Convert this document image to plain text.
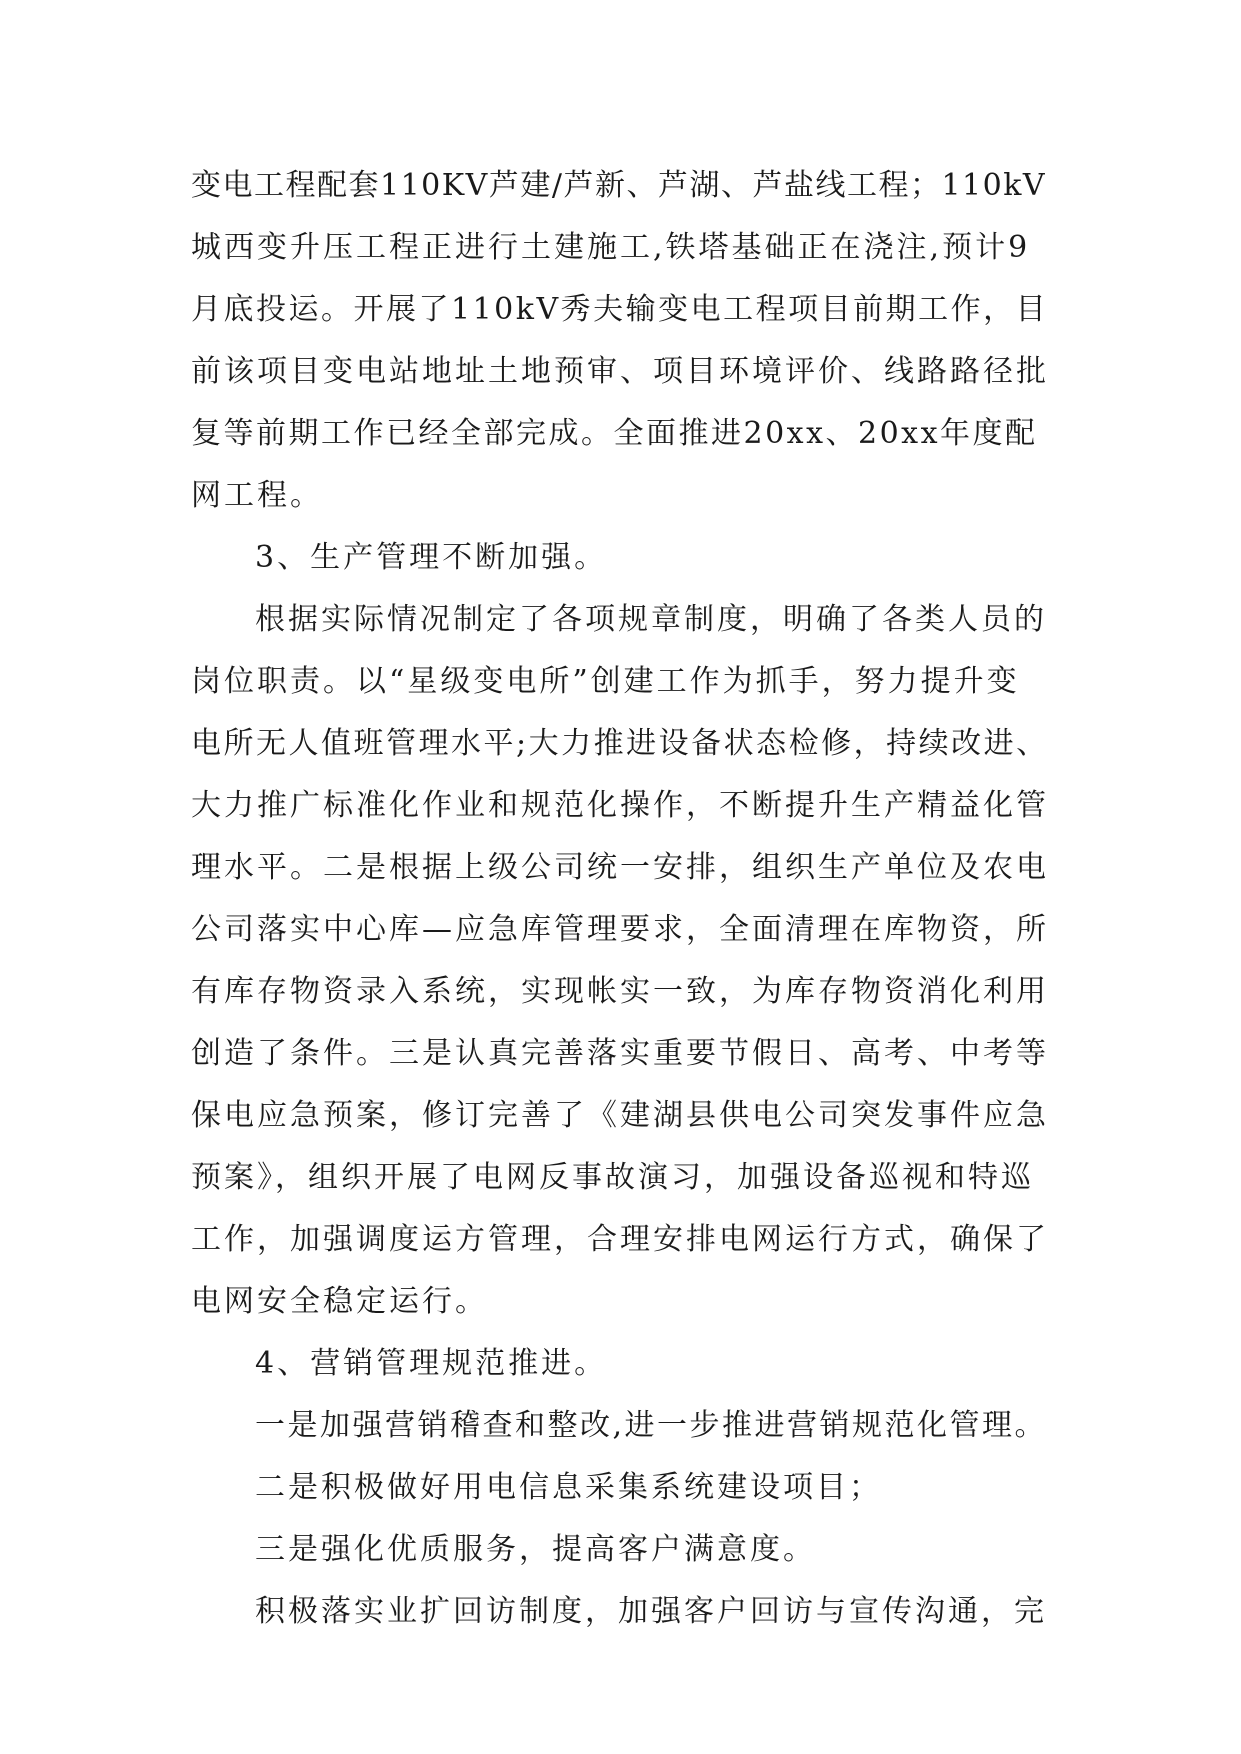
变电工程配套110KV芦建/芦新、芦湖、芦盐线工程；110kV
城西变升压工程正进行土建施工,铁塔基础正在浇注,预计9
月底投运。开展了110kV秀夫输变电工程项目前期工作，目
前该项目变电站地址土地预审、项目环境评价、线路路径批
复等前期工作已经全部完成。全面推进20xx、20xx年度配
网工程。
3、生产管理不断加强。
根据实际情况制定了各项规章制度，明确了各类人员的
岗位职责。以“星级变电所”创建工作为抓手，努力提升变
电所无人值班管理水平;大力推进设备状态检修，持续改进、
大力推广标准化作业和规范化操作，不断提升生产精益化管
理水平。二是根据上级公司统一安排，组织生产单位及农电
公司落实中心库—应急库管理要求，全面清理在库物资，所
有库存物资录入系统，实现帐实一致，为库存物资消化利用
创造了条件。三是认真完善落实重要节假日、高考、中考等
保电应急预案，修订完善了《建湖县供电公司突发事件应急
预案》，组织开展了电网反事故演习，加强设备巡视和特巡
工作，加强调度运方管理，合理安排电网运行方式，确保了
电网安全稳定运行。
4、营销管理规范推进。
一是加强营销稽查和整改,进一步推进营销规范化管理。
二是积极做好用电信息采集系统建设项目；
三是强化优质服务，提高客户满意度。
积极落实业扩回访制度，加强客户回访与宣传沟通，完
